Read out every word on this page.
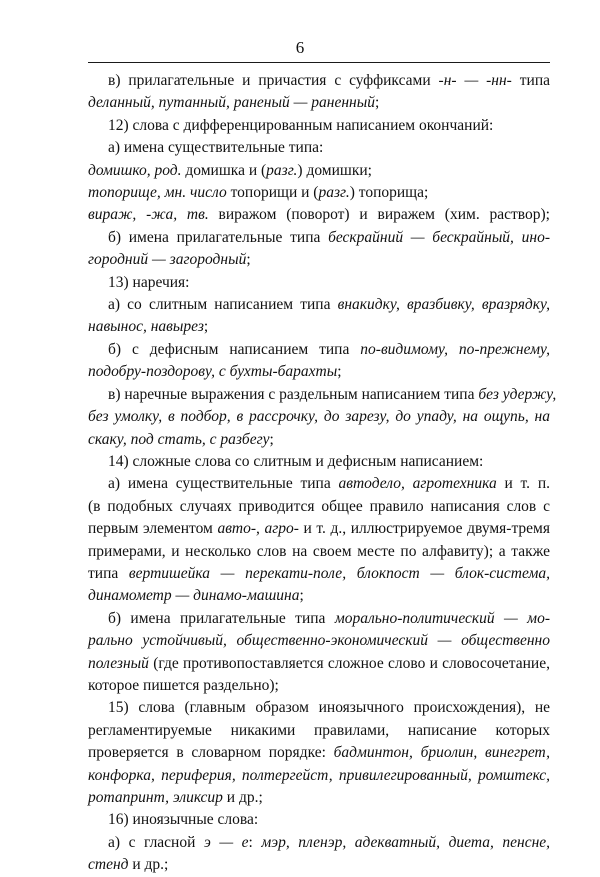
6
в) прилагательные и причастия с суффиксами -н- — -нн- типа
деланный, путанный, раненый — раненный;
12) слова с дифференцированным написанием окончаний:
а) имена существительные типа:
домишко, род. домишка и (разг.) домишки;
топорище, мн. число топорищи и (разг.) топорища;
вираж, -жа, тв. виражом (поворот) и виражем (хим. раствор);
б) имена прилагательные типа бескрайний — бескрайный, ино-
городний — загородный;
13) наречия:
а) со слитным написанием типа внакидку, вразбивку, вразрядку,
навынос, навырез;
б) с дефисным написанием типа по-видимому, по-прежнему,
подобру-поздорову, с бухты-барахты;
в) наречные выражения с раздельным написанием типа без удержу,
без умолку, в подбор, в рассрочку, до зарезу, до упаду, на ощупь, на
скаку, под стать, с разбегу;
14) сложные слова со слитным и дефисным написанием:
а) имена существительные типа автодело, агротехника и т. п.
(в подобных случаях приводится общее правило написания слов с
первым элементом авто-, агро- и т. д., иллюстрируемое двумя-тремя
примерами, и несколько слов на своем месте по алфавиту); а также
типа вертишейка — перекати-поле, блокпост — блок-система,
динамометр — динамо-машина;
б) имена прилагательные типа морально-политический — мо-
рально устойчивый, общественно-экономический — общественно
полезный (где противопоставляется сложное слово и словосочетание,
которое пишется раздельно);
15) слова (главным образом иноязычного происхождения), не
регламентируемые никакими правилами, написание которых
проверяется в словарном порядке: бадминтон, бриолин, винегрет,
конфорка, периферия, полтергейст, привилегированный, ромштекс,
ротапринт, эликсир и др.;
16) иноязычные слова:
а) с гласной э — е: мэр, пленэр, адекватный, диета, пенсне,
стенд и др.;
